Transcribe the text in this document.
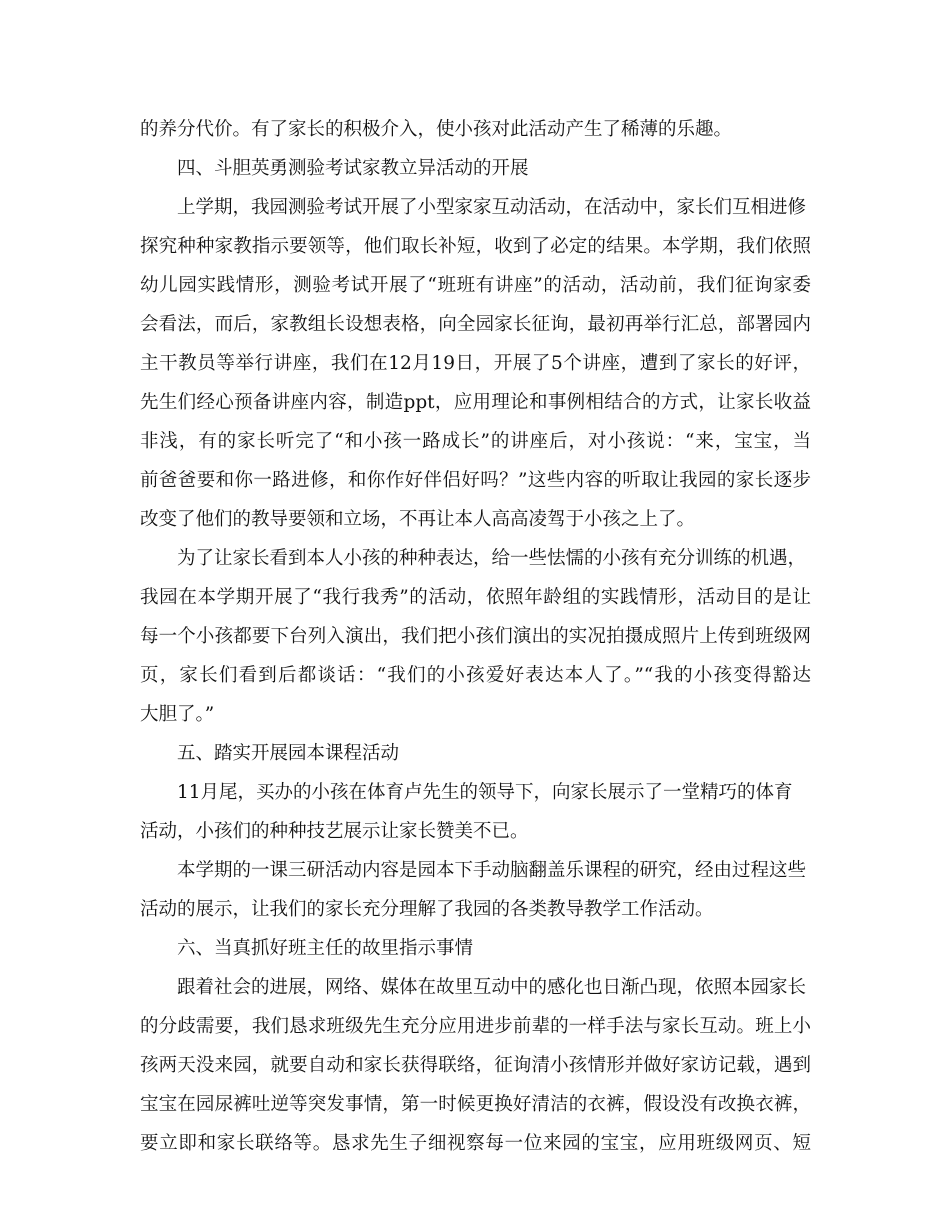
的养分代价。有了家长的积极介入，使小孩对此活动产生了稀薄的乐趣。

四、斗胆英勇测验考试家教立异活动的开展

上学期，我园测验考试开展了小型家家互动活动，在活动中，家长们互相进修

探究种种家教指示要领等，他们取长补短，收到了必定的结果。本学期，我们依照

幼儿园实践情形，测验考试开展了“班班有讲座”的活动，活动前，我们征询家委

会看法，而后，家教组长设想表格，向全园家长征询，最初再举行汇总，部署园内

主干教员等举行讲座，我们在12月19日，开展了5个讲座，遭到了家长的好评，

先生们经心预备讲座内容，制造ppt，应用理论和事例相结合的方式，让家长收益

非浅，有的家长听完了“和小孩一路成长”的讲座后，对小孩说：“来，宝宝，当

前爸爸要和你一路进修，和你作好伴侣好吗？”这些内容的听取让我园的家长逐步

改变了他们的教导要领和立场，不再让本人高高凌驾于小孩之上了。

为了让家长看到本人小孩的种种表达，给一些怯懦的小孩有充分训练的机遇，

我园在本学期开展了“我行我秀”的活动，依照年龄组的实践情形，活动目的是让

每一个小孩都要下台列入演出，我们把小孩们演出的实况拍摄成照片上传到班级网

页，家长们看到后都谈话：“我们的小孩爱好表达本人了。”“我的小孩变得豁达

大胆了。”

五、踏实开展园本课程活动

11月尾，买办的小孩在体育卢先生的领导下，向家长展示了一堂精巧的体育

活动，小孩们的种种技艺展示让家长赞美不已。

本学期的一课三研活动内容是园本下手动脑翻盖乐课程的研究，经由过程这些

活动的展示，让我们的家长充分理解了我园的各类教导教学工作活动。

六、当真抓好班主任的故里指示事情

跟着社会的进展，网络、媒体在故里互动中的感化也日渐凸现，依照本园家长

的分歧需要，我们恳求班级先生充分应用进步前辈的一样手法与家长互动。班上小

孩两天没来园，就要自动和家长获得联络，征询清小孩情形并做好家访记载，遇到

宝宝在园尿裤吐逆等突发事情，第一时候更换好清洁的衣裤，假设没有改换衣裤，

要立即和家长联络等。恳求先生子细视察每一位来园的宝宝，应用班级网页、短
